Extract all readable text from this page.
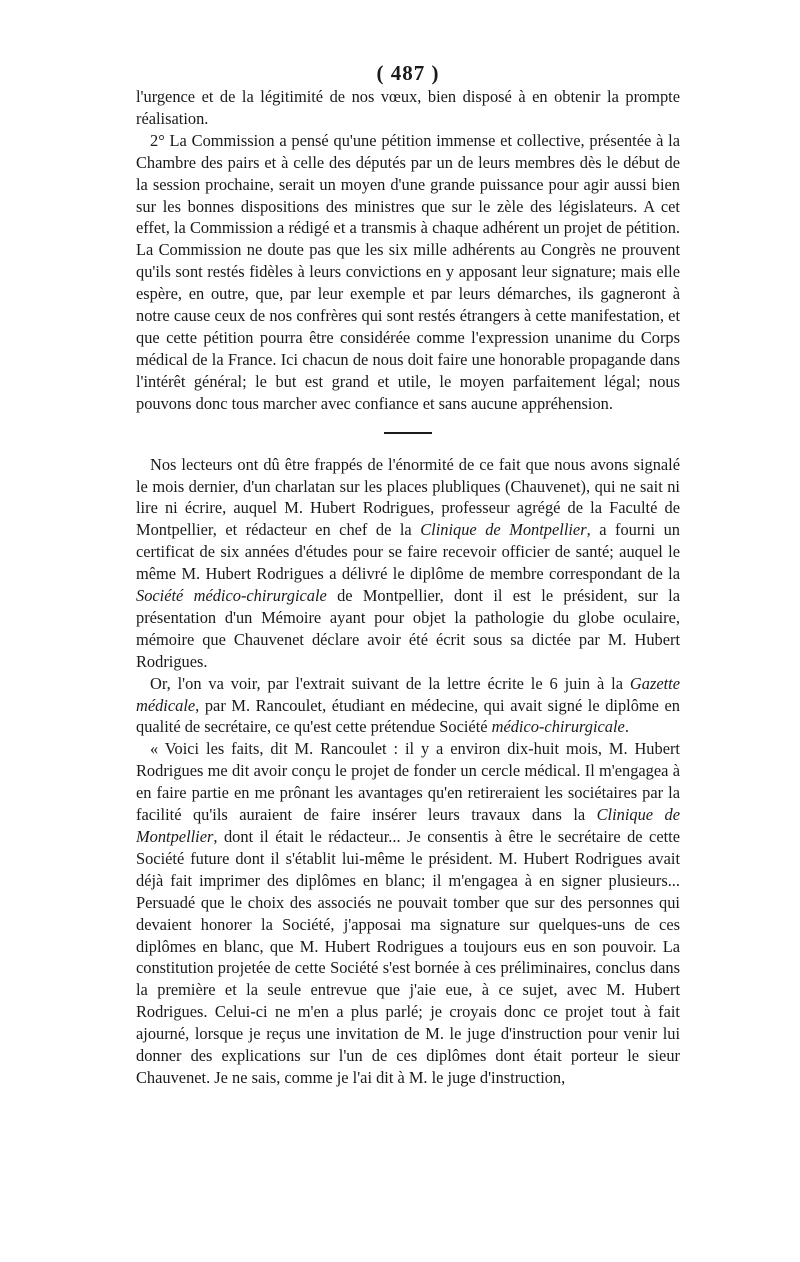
( 487 )

l'urgence et de la légitimité de nos vœux, bien disposé à en obtenir la prompte réalisation.

2° La Commission a pensé qu'une pétition immense et collective, présentée à la Chambre des pairs et à celle des députés par un de leurs membres dès le début de la session prochaine, serait un moyen d'une grande puissance pour agir aussi bien sur les bonnes dispositions des ministres que sur le zèle des législateurs. A cet effet, la Commission a rédigé et a transmis à chaque adhérent un projet de pétition. La Commission ne doute pas que les six mille adhérents au Congrès ne prouvent qu'ils sont restés fidèles à leurs convictions en y apposant leur signature; mais elle espère, en outre, que, par leur exemple et par leurs démarches, ils gagneront à notre cause ceux de nos confrères qui sont restés étrangers à cette manifestation, et que cette pétition pourra être considérée comme l'expression unanime du Corps médical de la France. Ici chacun de nous doit faire une honorable propagande dans l'intérêt général; le but est grand et utile, le moyen parfaitement légal; nous pouvons donc tous marcher avec confiance et sans aucune appréhension.

Nos lecteurs ont dû être frappés de l'énormité de ce fait que nous avons signalé le mois dernier, d'un charlatan sur les places plubliques (Chauvenet), qui ne sait ni lire ni écrire, auquel M. Hubert Rodrigues, professeur agrégé de la Faculté de Montpellier, et rédacteur en chef de la Clinique de Montpellier, a fourni un certificat de six années d'études pour se faire recevoir officier de santé; auquel le même M. Hubert Rodrigues a délivré le diplôme de membre correspondant de la Société médico-chirurgicale de Montpellier, dont il est le président, sur la présentation d'un Mémoire ayant pour objet la pathologie du globe oculaire, mémoire que Chauvenet déclare avoir été écrit sous sa dictée par M. Hubert Rodrigues.

Or, l'on va voir, par l'extrait suivant de la lettre écrite le 6 juin à la Gazette médicale, par M. Rancoulet, étudiant en médecine, qui avait signé le diplôme en qualité de secrétaire, ce qu'est cette prétendue Société médico-chirurgicale.

« Voici les faits, dit M. Rancoulet : il y a environ dix-huit mois, M. Hubert Rodrigues me dit avoir conçu le projet de fonder un cercle médical. Il m'engagea à en faire partie en me prônant les avantages qu'en retireraient les sociétaires par la facilité qu'ils auraient de faire insérer leurs travaux dans la Clinique de Montpellier, dont il était le rédacteur... Je consentis à être le secrétaire de cette Société future dont il s'établit lui-même le président. M. Hubert Rodrigues avait déjà fait imprimer des diplômes en blanc; il m'engagea à en signer plusieurs... Persuadé que le choix des associés ne pouvait tomber que sur des personnes qui devaient honorer la Société, j'apposai ma signature sur quelques-uns de ces diplômes en blanc, que M. Hubert Rodrigues a toujours eus en son pouvoir. La constitution projetée de cette Société s'est bornée à ces préliminaires, conclus dans la première et la seule entrevue que j'aie eue, à ce sujet, avec M. Hubert Rodrigues. Celui-ci ne m'en a plus parlé; je croyais donc ce projet tout à fait ajourné, lorsque je reçus une invitation de M. le juge d'instruction pour venir lui donner des explications sur l'un de ces diplômes dont était porteur le sieur Chauvenet. Je ne sais, comme je l'ai dit à M. le juge d'instruction,
